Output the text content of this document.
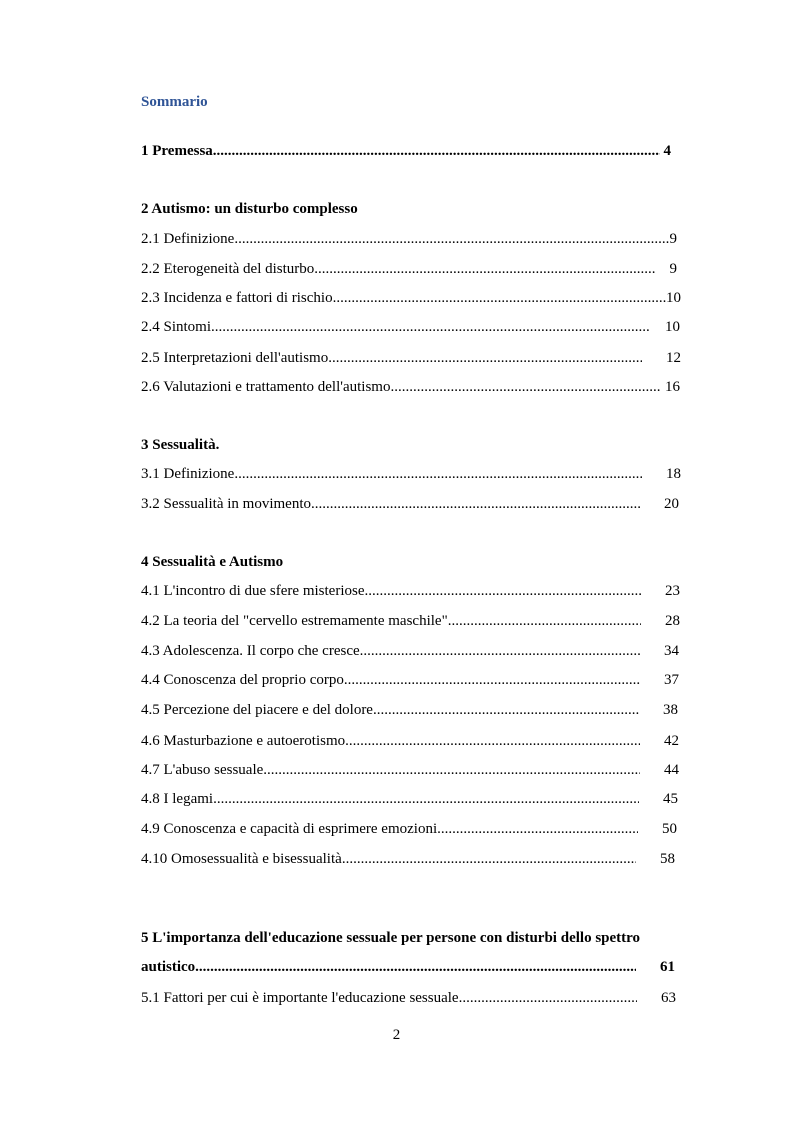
Sommario
1 Premessa .....	4
2 Autismo: un disturbo complesso
2.1 Definizione .....	9
2.2 Eterogeneità del disturbo .....	9
2.3 Incidenza e fattori di rischio .....	10
2.4 Sintomi .....	10
2.5 Interpretazioni dell'autismo .....	12
2.6 Valutazioni e trattamento dell'autismo .....	16
3 Sessualità.
3.1 Definizione .....	18
3.2 Sessualità in movimento .....	20
4 Sessualità e Autismo
4.1 L'incontro di due sfere misteriose .....	23
4.2 La teoria del "cervello estremamente maschile" .....	28
4.3 Adolescenza. Il corpo che cresce .....	34
4.4 Conoscenza del proprio corpo .....	37
4.5 Percezione del piacere e del dolore .....	38
4.6 Masturbazione e autoerotismo .....	42
4.7 L'abuso sessuale .....	44
4.8 I legami .....	45
4.9 Conoscenza e capacità di esprimere emozioni .....	50
4.10 Omosessualità e bisessualità .....	58
5 L'importanza dell'educazione sessuale per persone con disturbi dello spettro
autistico .....	61
5.1 Fattori per cui è importante l'educazione sessuale .....	63
2
